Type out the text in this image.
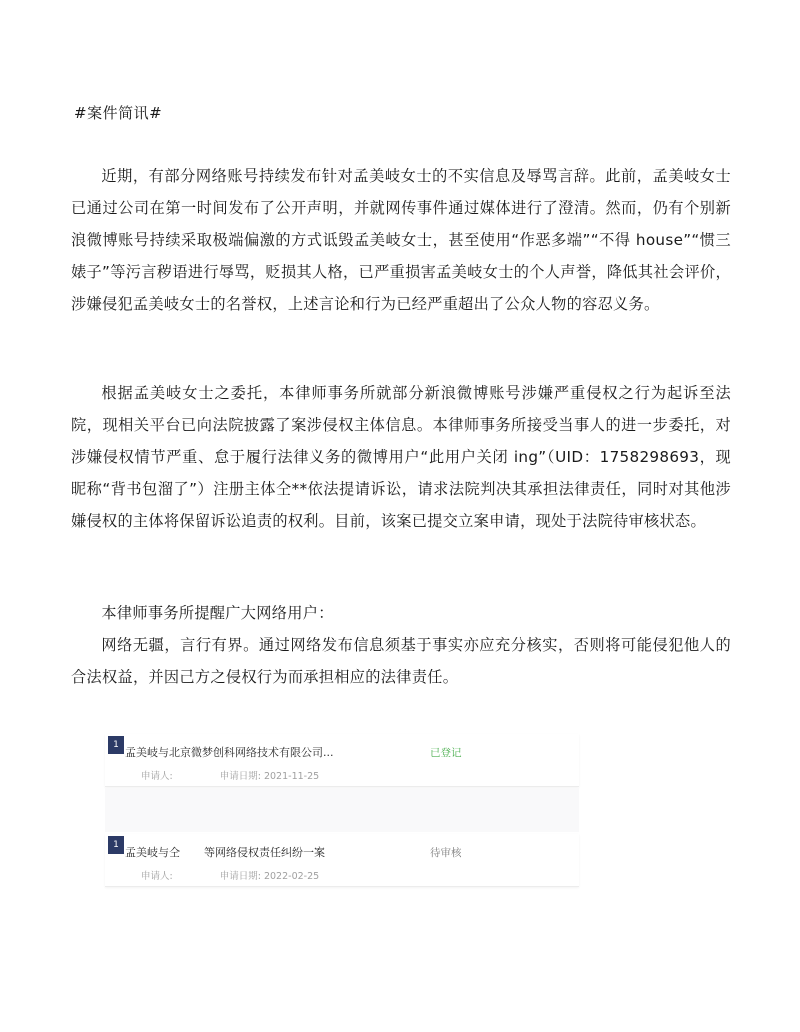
#案件简讯#

近期，有部分网络账号持续发布针对孟美岐女士的不实信息及辱骂言辞。此前，孟美岐女士已通过公司在第一时间发布了公开声明，并就网传事件通过媒体进行了澄清。然而，仍有个别新浪微博账号持续采取极端偏激的方式诋毁孟美岐女士，甚至使用“作恶多端”“不得 house”“惯三婊子”等污言秽语进行辱骂，贬损其人格，已严重损害孟美岐女士的个人声誉，降低其社会评价，涉嫌侵犯孟美岐女士的名誉权，上述言论和行为已经严重超出了公众人物的容忍义务。

根据孟美岐女士之委托，本律师事务所就部分新浪微博账号涉嫌严重侵权之行为起诉至法院，现相关平台已向法院披露了案涉侵权主体信息。本律师事务所接受当事人的进一步委托，对涉嫌侵权情节严重、怠于履行法律义务的微博用户“此用户关闭 ing”（UID：1758298693，现昵称“背书包溜了”）注册主体仝**依法提请诉讼，请求法院判决其承担法律责任，同时对其他涉嫌侵权的主体将保留诉讼追责的权利。目前，该案已提交立案申请，现处于法院待审核状态。

本律师事务所提醒广大网络用户：

网络无疆，言行有界。通过网络发布信息须基于事实亦应充分核实，否则将可能侵犯他人的合法权益，并因己方之侵权行为而承担相应的法律责任。

1
孟美岐与北京微梦创科网络技术有限公司...	已登记
申请人:	申请日期: 2021-11-25
1
孟美岐与仝 等网络侵权责任纠纷一案	待审核
申请人:	申请日期: 2022-02-25
